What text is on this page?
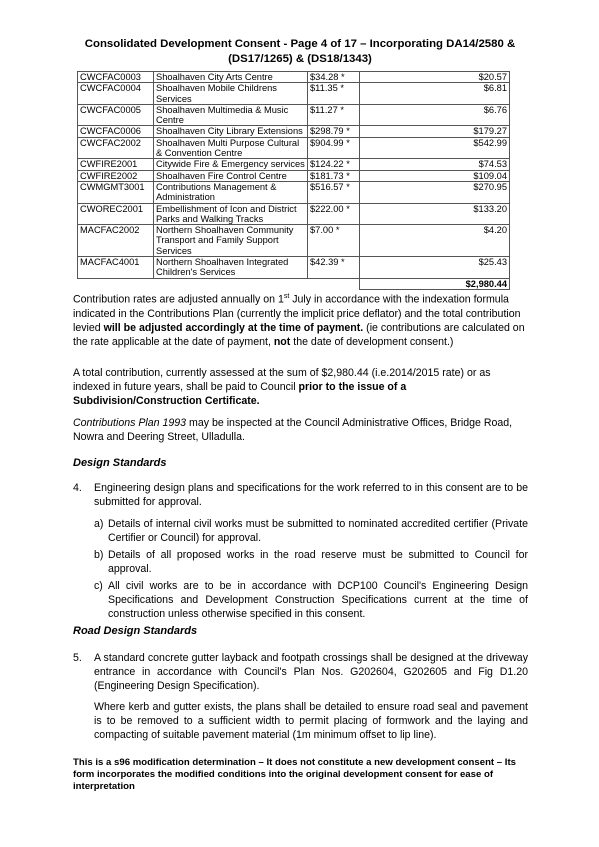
Consolidated Development Consent - Page 4 of 17 – Incorporating DA14/2580 &
(DS17/1265) & (DS18/1343)
CWCFAC0003	Shoalhaven City Arts Centre	$34.28 *	$20.57
CWCFAC0004	Shoalhaven Mobile Childrens Services	$11.35 *	$6.81
CWCFAC0005	Shoalhaven Multimedia & Music Centre	$11.27 *	$6.76
CWCFAC0006	Shoalhaven City Library Extensions	$298.79 *	$179.27
CWCFAC2002	Shoalhaven Multi Purpose Cultural & Convention Centre	$904.99 *	$542.99
CWFIRE2001	Citywide Fire & Emergency services	$124.22 *	$74.53
CWFIRE2002	Shoalhaven Fire Control Centre	$181.73 *	$109.04
CWMGMT3001	Contributions Management & Administration	$516.57 *	$270.95
CWOREC2001	Embellishment of Icon and District Parks and Walking Tracks	$222.00 *	$133.20
MACFAC2002	Northern Shoalhaven Community Transport and Family Support Services	$7.00 *	$4.20
MACFAC4001	Northern Shoalhaven Integrated Children's Services	$42.39 *	$25.43
			$2,980.44
Contribution rates are adjusted annually on 1st July in accordance with the indexation formula indicated in the Contributions Plan (currently the implicit price deflator) and the total contribution levied will be adjusted accordingly at the time of payment. (ie contributions are calculated on the rate applicable at the date of payment, not the date of development consent.)
A total contribution, currently assessed at the sum of $2,980.44 (i.e.2014/2015 rate) or as indexed in future years, shall be paid to Council prior to the issue of a Subdivision/Construction Certificate.
Contributions Plan 1993 may be inspected at the Council Administrative Offices, Bridge Road, Nowra and Deering Street, Ulladulla.
Design Standards
4. Engineering design plans and specifications for the work referred to in this consent are to be submitted for approval.
a) Details of internal civil works must be submitted to nominated accredited certifier (Private Certifier or Council) for approval.
b) Details of all proposed works in the road reserve must be submitted to Council for approval.
c) All civil works are to be in accordance with DCP100 Council's Engineering Design Specifications and Development Construction Specifications current at the time of construction unless otherwise specified in this consent.
Road Design Standards
5. A standard concrete gutter layback and footpath crossings shall be designed at the driveway entrance in accordance with Council's Plan Nos. G202604, G202605 and Fig D1.20 (Engineering Design Specification).
Where kerb and gutter exists, the plans shall be detailed to ensure road seal and pavement is to be removed to a sufficient width to permit placing of formwork and the laying and compacting of suitable pavement material (1m minimum offset to lip line).
This is a s96 modification determination – It does not constitute a new development consent – Its form incorporates the modified conditions into the original development consent for ease of interpretation
